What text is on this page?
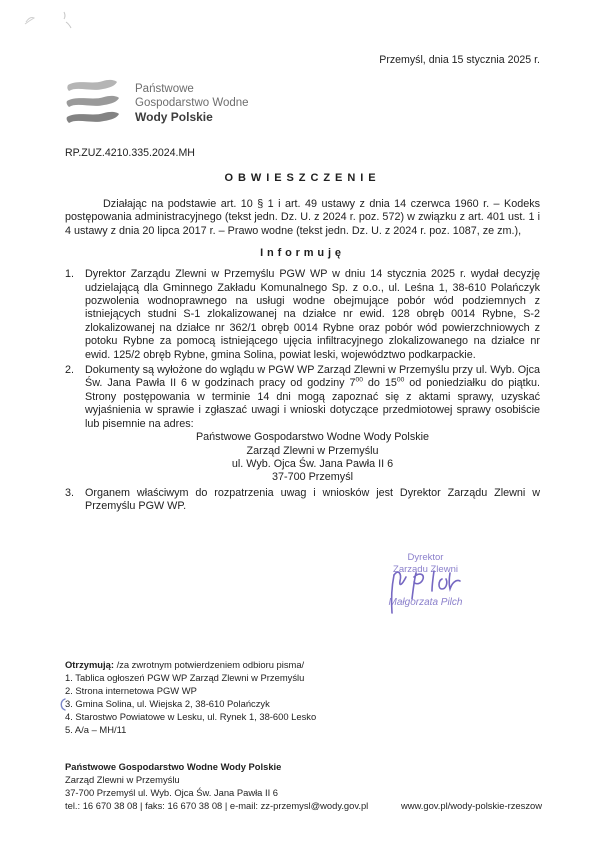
Przemyśl, dnia 15 stycznia 2025 r.
Państwowe
Gospodarstwo Wodne
Wody Polskie
RP.ZUZ.4210.335.2024.MH
OBWIESZCZENIE

Działając na podstawie art. 10 § 1 i art. 49 ustawy z dnia 14 czerwca 1960 r. – Kodeks postępowania administracyjnego (tekst jedn. Dz. U. z 2024 r. poz. 572) w związku z art. 401 ust. 1 i 4 ustawy z dnia 20 lipca 2017 r. – Prawo wodne (tekst jedn. Dz. U. z 2024 r. poz. 1087, ze zm.),

Informuję
1.	Dyrektor Zarządu Zlewni w Przemyślu PGW WP w dniu 14 stycznia 2025 r. wydał decyzję udzielającą dla Gminnego Zakładu Komunalnego Sp. z o.o., ul. Leśna 1, 38-610 Polańczyk pozwolenia wodnoprawnego na usługi wodne obejmujące pobór wód podziemnych z istniejących studni S-1 zlokalizowanej na działce nr ewid. 128 obręb 0014 Rybne, S-2 zlokalizowanej na działce nr 362/1 obręb 0014 Rybne oraz pobór wód powierzchniowych z potoku Rybne za pomocą istniejącego ujęcia infiltracyjnego zlokalizowanego na działce nr ewid. 125/2 obręb Rybne, gmina Solina, powiat leski, województwo podkarpackie.
2.	Dokumenty są wyłożone do wglądu w PGW WP Zarząd Zlewni w Przemyślu przy ul. Wyb. Ojca Św. Jana Pawła II 6 w godzinach pracy od godziny $7^{00}$ do $15^{00}$ od poniedziałku do piątku. Strony postępowania w terminie 14 dni mogą zapoznać się z aktami sprawy, uzyskać wyjaśnienia w sprawie i zgłaszać uwagi i wnioski dotyczące przedmiotowej sprawy osobiście lub pisemnie na adres:
Państwowe Gospodarstwo Wodne Wody Polskie
Zarząd Zlewni w Przemyślu
ul. Wyb. Ojca Św. Jana Pawła II 6
37-700 Przemyśl
3.	Organem właściwym do rozpatrzenia uwag i wniosków jest Dyrektor Zarządu Zlewni w Przemyślu PGW WP.
Dyrektor
Zarządu Zlewni
Małgorzata Pilch
Otrzymują: /za zwrotnym potwierdzeniem odbioru pisma/
1. Tablica ogłoszeń PGW WP Zarząd Zlewni w Przemyślu
2. Strona internetowa PGW WP
3. Gmina Solina, ul. Wiejska 2, 38-610 Polańczyk
4. Starostwo Powiatowe w Lesku, ul. Rynek 1, 38-600 Lesko
5. A/a – MH/11
Państwowe Gospodarstwo Wodne Wody Polskie
Zarząd Zlewni w Przemyślu
37-700 Przemyśl ul. Wyb. Ojca Św. Jana Pawła II 6
tel.: 16 670 38 08 | faks: 16 670 38 08 | e-mail: zz-przemysl@wody.gov.pl	www.gov.pl/wody-polskie-rzeszow
